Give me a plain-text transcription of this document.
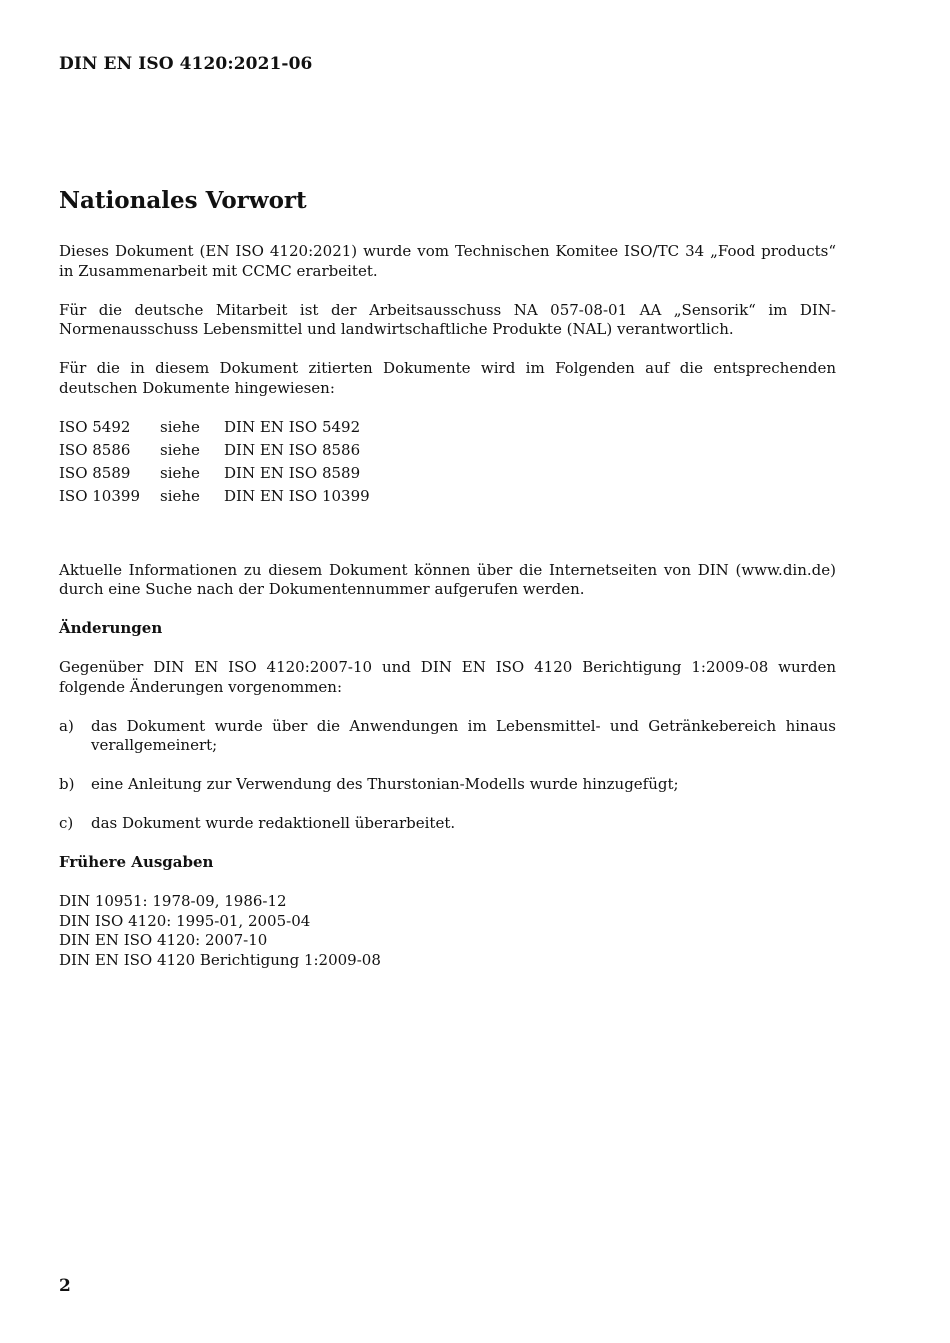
DIN EN ISO 4120:2021-06
Nationales Vorwort

Dieses Dokument (EN ISO 4120:2021) wurde vom Technischen Komitee ISO/TC 34 „Food products“ in Zusammenarbeit mit CCMC erarbeitet.

Für die deutsche Mitarbeit ist der Arbeitsausschuss NA 057-08-01 AA „Sensorik“ im DIN-Normenausschuss Lebensmittel und landwirtschaftliche Produkte (NAL) verantwortlich.

Für die in diesem Dokument zitierten Dokumente wird im Folgenden auf die entsprechenden deutschen Dokumente hingewiesen:

ISO 5492	siehe	DIN EN ISO 5492
ISO 8586	siehe	DIN EN ISO 8586
ISO 8589	siehe	DIN EN ISO 8589
ISO 10399	siehe	DIN EN ISO 10399

Aktuelle Informationen zu diesem Dokument können über die Internetseiten von DIN (www.din.de) durch eine Suche nach der Dokumentennummer aufgerufen werden.

Änderungen

Gegenüber DIN EN ISO 4120:2007-10 und DIN EN ISO 4120 Berichtigung 1:2009-08 wurden folgende Änderungen vorgenommen:

a) das Dokument wurde über die Anwendungen im Lebensmittel- und Getränkebereich hinaus verallgemeinert;
b) eine Anleitung zur Verwendung des Thurstonian-Modells wurde hinzugefügt;
c) das Dokument wurde redaktionell überarbeitet.
Frühere Ausgaben
DIN 10951: 1978-09, 1986-12
DIN ISO 4120: 1995-01, 2005-04
DIN EN ISO 4120: 2007-10
DIN EN ISO 4120 Berichtigung 1:2009-08
2
